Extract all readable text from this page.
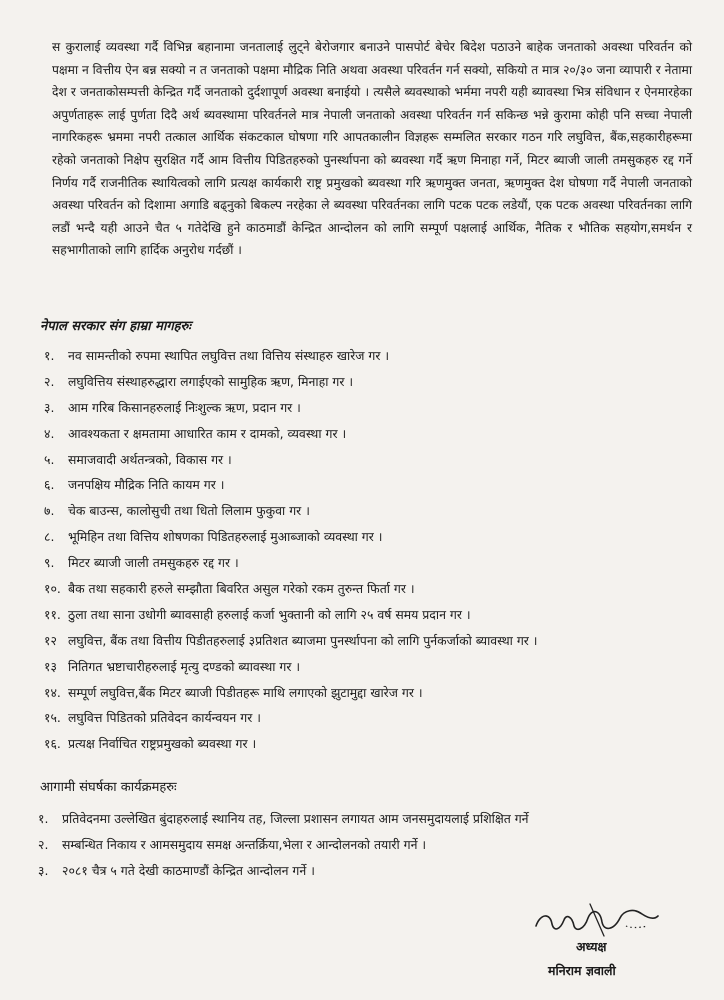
स कुरालाई व्यवस्था गर्दै विभिन्न बहानामा जनतालाई लुट्ने बेरोजगार बनाउने पासपोर्ट बेचेर बिदेश पठाउने बाहेक जनताको अवस्था परिवर्तन को पक्षमा न वित्तीय ऐन बन्न सक्यो न त जनताको पक्षमा मौद्रिक निति अथवा अवस्था परिवर्तन गर्न सक्यो, सकियो त मात्र २०/३० जना व्यापारी र नेतामा देश र जनताकोसम्पत्ती केन्द्रित गर्दै जनताको दुर्दशापूर्ण अवस्था बनाईयो । त्यसैले ब्यवस्थाको भर्ममा नपरी यही ब्यावस्था भित्र संविधान र ऐनमारहेका अपुर्णताहरू लाई पुर्णता दिदै अर्थ ब्यवस्थामा परिवर्तनले मात्र नेपाली जनताको अवस्था परिवर्तन गर्न सकिन्छ भन्ने कुरामा कोही पनि सच्चा नेपाली नागरिकहरू भ्रममा नपरी तत्काल आर्थिक संकटकाल घोषणा गरि आपतकालीन विज्ञहरू सम्मलित सरकार गठन गरि लघुवित्त, बैंक,सहकारीहरूमा रहेको जनताको निक्षेप सुरक्षित गर्दै आम वित्तीय पिडितहरुको पुनर्स्थापना को ब्यवस्था गर्दै ऋण मिनाहा गर्ने, मिटर ब्याजी जाली तमसुकहरु रद्द गर्ने निर्णय गर्दै राजनीतिक स्थायित्वको लागि प्रत्यक्ष कार्यकारी राष्ट्र प्रमुखको ब्यवस्था गरि ऋणमुक्त जनता, ऋणमुक्त देश घोषणा गर्दै नेपाली जनताको अवस्था परिवर्तन को दिशामा अगाडि बढ्नुको बिकल्प नरहेका ले ब्यवस्था परिवर्तनका लागि पटक पटक लडेयौं, एक पटक अवस्था परिवर्तनका लागि लडौं भन्दै यही आउने चैत ५ गतेदेखि हुने काठमाडौं केन्द्रित आन्दोलन को लागि सम्पूर्ण पक्षलाई आर्थिक, नैतिक र भौतिक सहयोग,समर्थन र सहभागीताको लागि हार्दिक अनुरोध गर्दछौं ।

नेपाल सरकार संग हाम्रा मागहरुः
१.	नव सामन्तीको रुपमा स्थापित लघुवित्त तथा वित्तिय संस्थाहरु खारेज गर ।
२.	लघुवित्तिय संस्थाहरुद्धारा लगाईएको सामुहिक ऋण, मिनाहा गर ।
३.	आम गरिब किसानहरुलाई निःशुल्क ऋण, प्रदान गर ।
४.	आवश्यकता र क्षमतामा आधारित काम र दामको, व्यवस्था गर ।
५.	समाजवादी अर्थतन्त्रको, विकास गर ।
६.	जनपक्षिय मौद्रिक निति कायम गर ।
७.	चेक बाउन्स, कालोसुची तथा धितो लिलाम फुकुवा गर ।
८.	भूमिहिन तथा वित्तिय शोषणका पिडितहरुलाई मुआब्जाको व्यवस्था गर ।
९.	मिटर ब्याजी जाली तमसुकहरु रद्द गर ।
१०. बैक तथा सहकारी हरुले सम्झौता बिवरित असुल गरेको रकम तुरुन्त फिर्ता गर ।
११. ठुला तथा साना उधोगी ब्यावसाही हरुलाई कर्जा भुक्तानी को लागि २५ वर्ष समय प्रदान गर ।
१२ लघुवित्त, बैंक तथा वित्तीय पिडीतहरुलाई ३प्रतिशत ब्याजमा पुनर्स्थापना को लागि पुर्नकर्जाको ब्यावस्था गर ।
१३ नितिगत भ्रष्टाचारीहरुलाई मृत्यु दण्डको ब्यावस्था गर ।
१४. सम्पूर्ण लघुवित्त,बैंक मिटर ब्याजी पिडीतहरू माथि लगाएको झुटामुद्दा खारेज गर ।
१५. लघुवित्त पिडितको प्रतिवेदन कार्यन्वयन गर ।
१६. प्रत्यक्ष निर्वाचित राष्ट्रप्रमुखको ब्यवस्था गर ।
आगामी संघर्षका कार्यक्रमहरुः
१.	प्रतिवेदनमा उल्लेखित बुंदाहरुलाई स्थानिय तह, जिल्ला प्रशासन लगायत आम जनसमुदायलाई प्रशिक्षित गर्ने
२.	सम्बन्धित निकाय र आमसमुदाय समक्ष अन्तर्क्रिया,भेला र आन्दोलनको तयारी गर्ने ।
३.	२०८१ चैत्र ५ गते देखी काठमाण्डौं केन्द्रित आन्दोलन गर्ने ।
अध्यक्ष
मनिराम ज्ञवाली
